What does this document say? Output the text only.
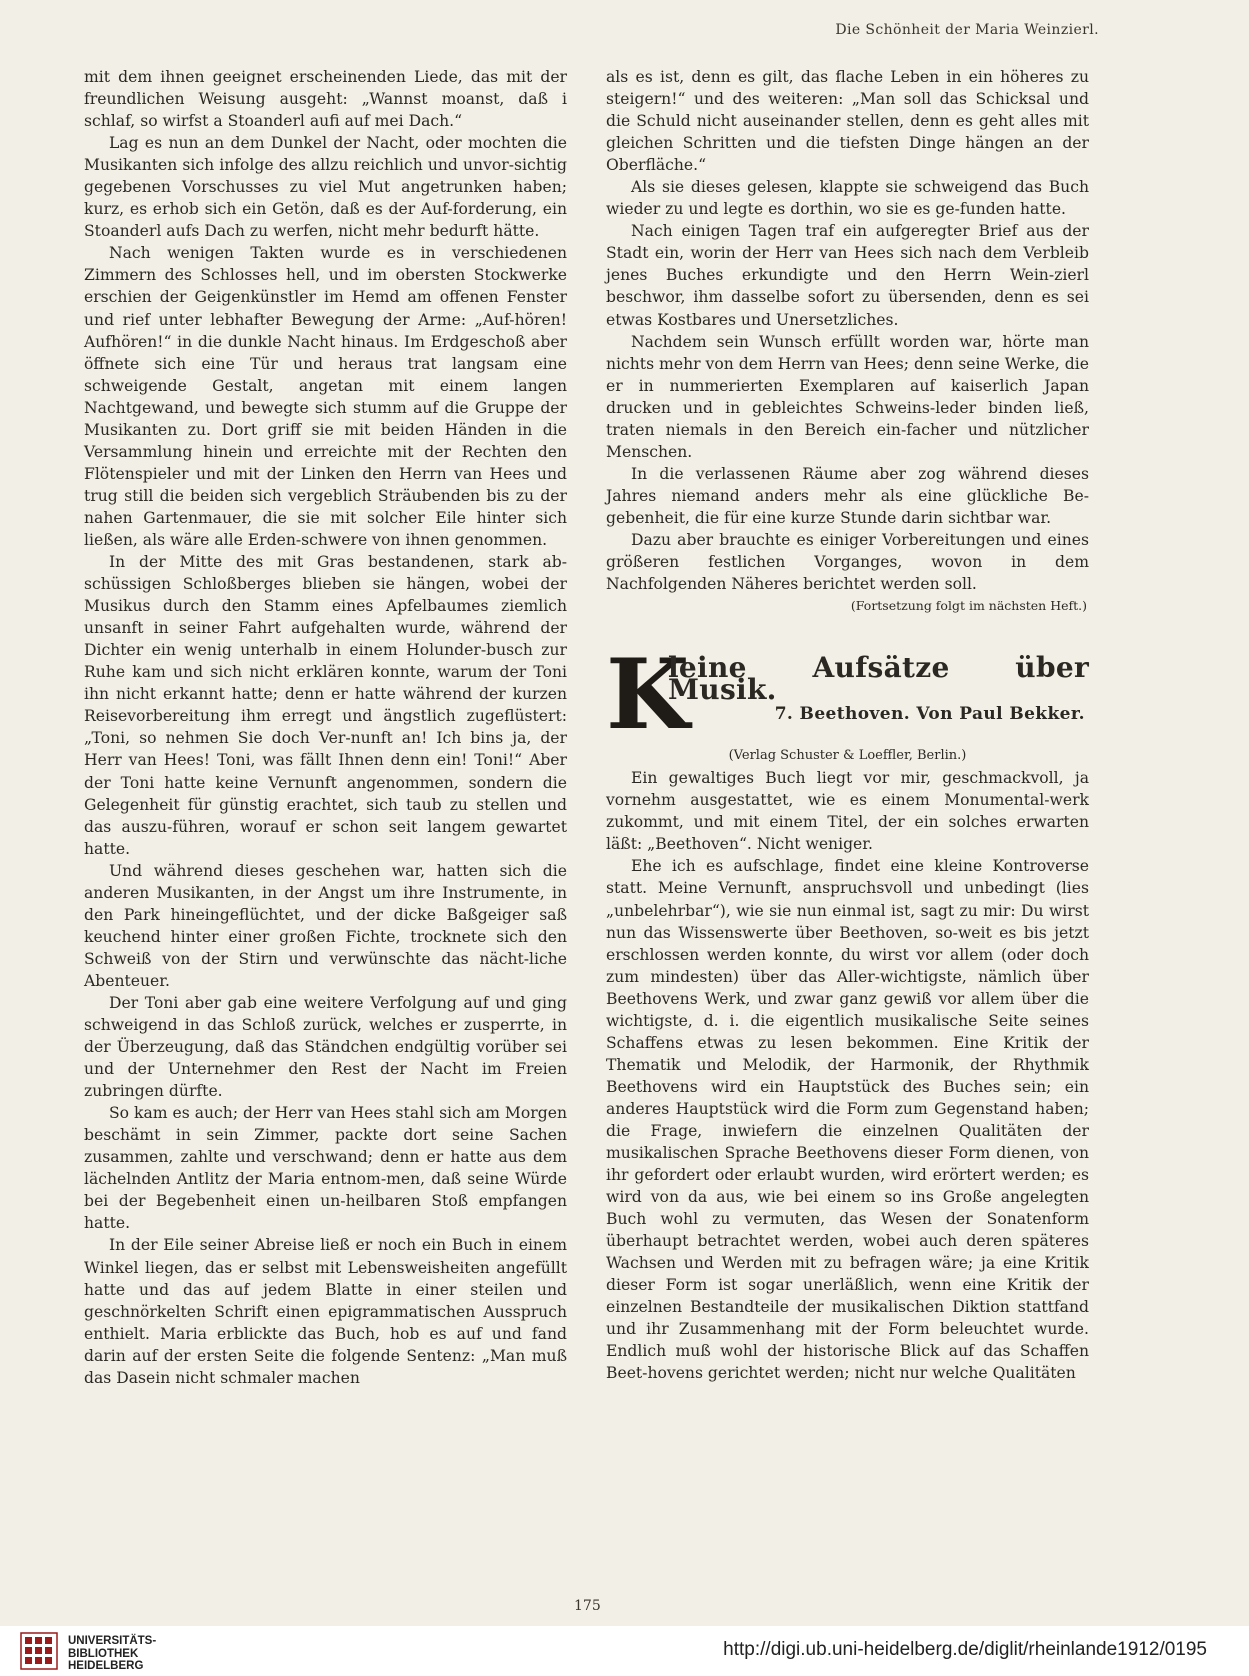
Die Schönheit der Maria Weinzierl.

mit dem ihnen geeignet erscheinenden Liede, das mit der freundlichen Weisung ausgeht: „Wannst moanst, daß i schlaf, so wirfst a Stoanderl aufi auf mei Dach.“

Lag es nun an dem Dunkel der Nacht, oder mochten die Musikanten sich infolge des allzu reichlich und unvor-sichtig gegebenen Vorschusses zu viel Mut angetrunken haben; kurz, es erhob sich ein Getön, daß es der Auf-forderung, ein Stoanderl aufs Dach zu werfen, nicht mehr bedurft hätte.

Nach wenigen Takten wurde es in verschiedenen Zimmern des Schlosses hell, und im obersten Stockwerke erschien der Geigenkünstler im Hemd am offenen Fenster und rief unter lebhafter Bewegung der Arme: „Auf-hören! Aufhören!“ in die dunkle Nacht hinaus. Im Erdgeschoß aber öffnete sich eine Tür und heraus trat langsam eine schweigende Gestalt, angetan mit einem langen Nachtgewand, und bewegte sich stumm auf die Gruppe der Musikanten zu. Dort griff sie mit beiden Händen in die Versammlung hinein und erreichte mit der Rechten den Flötenspieler und mit der Linken den Herrn van Hees und trug still die beiden sich vergeblich Sträubenden bis zu der nahen Gartenmauer, die sie mit solcher Eile hinter sich ließen, als wäre alle Erden-schwere von ihnen genommen.

In der Mitte des mit Gras bestandenen, stark ab-schüssigen Schloßberges blieben sie hängen, wobei der Musikus durch den Stamm eines Apfelbaumes ziemlich unsanft in seiner Fahrt aufgehalten wurde, während der Dichter ein wenig unterhalb in einem Holunder-busch zur Ruhe kam und sich nicht erklären konnte, warum der Toni ihn nicht erkannt hatte; denn er hatte während der kurzen Reisevorbereitung ihm erregt und ängstlich zugeflüstert: „Toni, so nehmen Sie doch Ver-nunft an! Ich bins ja, der Herr van Hees! Toni, was fällt Ihnen denn ein! Toni!“ Aber der Toni hatte keine Vernunft angenommen, sondern die Gelegenheit für günstig erachtet, sich taub zu stellen und das auszu-führen, worauf er schon seit langem gewartet hatte.

Und während dieses geschehen war, hatten sich die anderen Musikanten, in der Angst um ihre Instrumente, in den Park hineingeflüchtet, und der dicke Baßgeiger saß keuchend hinter einer großen Fichte, trocknete sich den Schweiß von der Stirn und verwünschte das nächt-liche Abenteuer.

Der Toni aber gab eine weitere Verfolgung auf und ging schweigend in das Schloß zurück, welches er zusperrte, in der Überzeugung, daß das Ständchen endgültig vorüber sei und der Unternehmer den Rest der Nacht im Freien zubringen dürfte.

So kam es auch; der Herr van Hees stahl sich am Morgen beschämt in sein Zimmer, packte dort seine Sachen zusammen, zahlte und verschwand; denn er hatte aus dem lächelnden Antlitz der Maria entnom-men, daß seine Würde bei der Begebenheit einen un-heilbaren Stoß empfangen hatte.

In der Eile seiner Abreise ließ er noch ein Buch in einem Winkel liegen, das er selbst mit Lebensweisheiten angefüllt hatte und das auf jedem Blatte in einer steilen und geschnörkelten Schrift einen epigrammatischen Ausspruch enthielt. Maria erblickte das Buch, hob es auf und fand darin auf der ersten Seite die folgende Sentenz: „Man muß das Dasein nicht schmaler machen

als es ist, denn es gilt, das flache Leben in ein höheres zu steigern!“ und des weiteren: „Man soll das Schicksal und die Schuld nicht auseinander stellen, denn es geht alles mit gleichen Schritten und die tiefsten Dinge hängen an der Oberfläche.“

Als sie dieses gelesen, klappte sie schweigend das Buch wieder zu und legte es dorthin, wo sie es ge-funden hatte.

Nach einigen Tagen traf ein aufgeregter Brief aus der Stadt ein, worin der Herr van Hees sich nach dem Verbleib jenes Buches erkundigte und den Herrn Wein-zierl beschwor, ihm dasselbe sofort zu übersenden, denn es sei etwas Kostbares und Unersetzliches.

Nachdem sein Wunsch erfüllt worden war, hörte man nichts mehr von dem Herrn van Hees; denn seine Werke, die er in nummerierten Exemplaren auf kaiserlich Japan drucken und in gebleichtes Schweins-leder binden ließ, traten niemals in den Bereich ein-facher und nützlicher Menschen.

In die verlassenen Räume aber zog während dieses Jahres niemand anders mehr als eine glückliche Be-gebenheit, die für eine kurze Stunde darin sichtbar war.

Dazu aber brauchte es einiger Vorbereitungen und eines größeren festlichen Vorganges, wovon in dem Nachfolgenden Näheres berichtet werden soll.

(Fortsetzung folgt im nächsten Heft.)

K
leine Aufsätze über Musik.
7. Beethoven. Von Paul Bekker.

(Verlag Schuster & Loeffler, Berlin.)

Ein gewaltiges Buch liegt vor mir, geschmackvoll, ja vornehm ausgestattet, wie es einem Monumental-werk zukommt, und mit einem Titel, der ein solches erwarten läßt: „Beethoven“. Nicht weniger.

Ehe ich es aufschlage, findet eine kleine Kontroverse statt. Meine Vernunft, anspruchsvoll und unbedingt (lies „unbelehrbar“), wie sie nun einmal ist, sagt zu mir: Du wirst nun das Wissenswerte über Beethoven, so-weit es bis jetzt erschlossen werden konnte, du wirst vor allem (oder doch zum mindesten) über das Aller-wichtigste, nämlich über Beethovens Werk, und zwar ganz gewiß vor allem über die wichtigste, d. i. die eigentlich musikalische Seite seines Schaffens etwas zu lesen bekommen. Eine Kritik der Thematik und Melodik, der Harmonik, der Rhythmik Beethovens wird ein Hauptstück des Buches sein; ein anderes Hauptstück wird die Form zum Gegenstand haben; die Frage, inwiefern die einzelnen Qualitäten der musikalischen Sprache Beethovens dieser Form dienen, von ihr gefordert oder erlaubt wurden, wird erörtert werden; es wird von da aus, wie bei einem so ins Große angelegten Buch wohl zu vermuten, das Wesen der Sonatenform überhaupt betrachtet werden, wobei auch deren späteres Wachsen und Werden mit zu befragen wäre; ja eine Kritik dieser Form ist sogar unerläßlich, wenn eine Kritik der einzelnen Bestandteile der musikalischen Diktion stattfand und ihr Zusammenhang mit der Form beleuchtet wurde. Endlich muß wohl der historische Blick auf das Schaffen Beet-hovens gerichtet werden; nicht nur welche Qualitäten

175
UNIVERSITÄTS-
BIBLIOTHEK
HEIDELBERG
http://digi.ub.uni-heidelberg.de/diglit/rheinlande1912/0195
